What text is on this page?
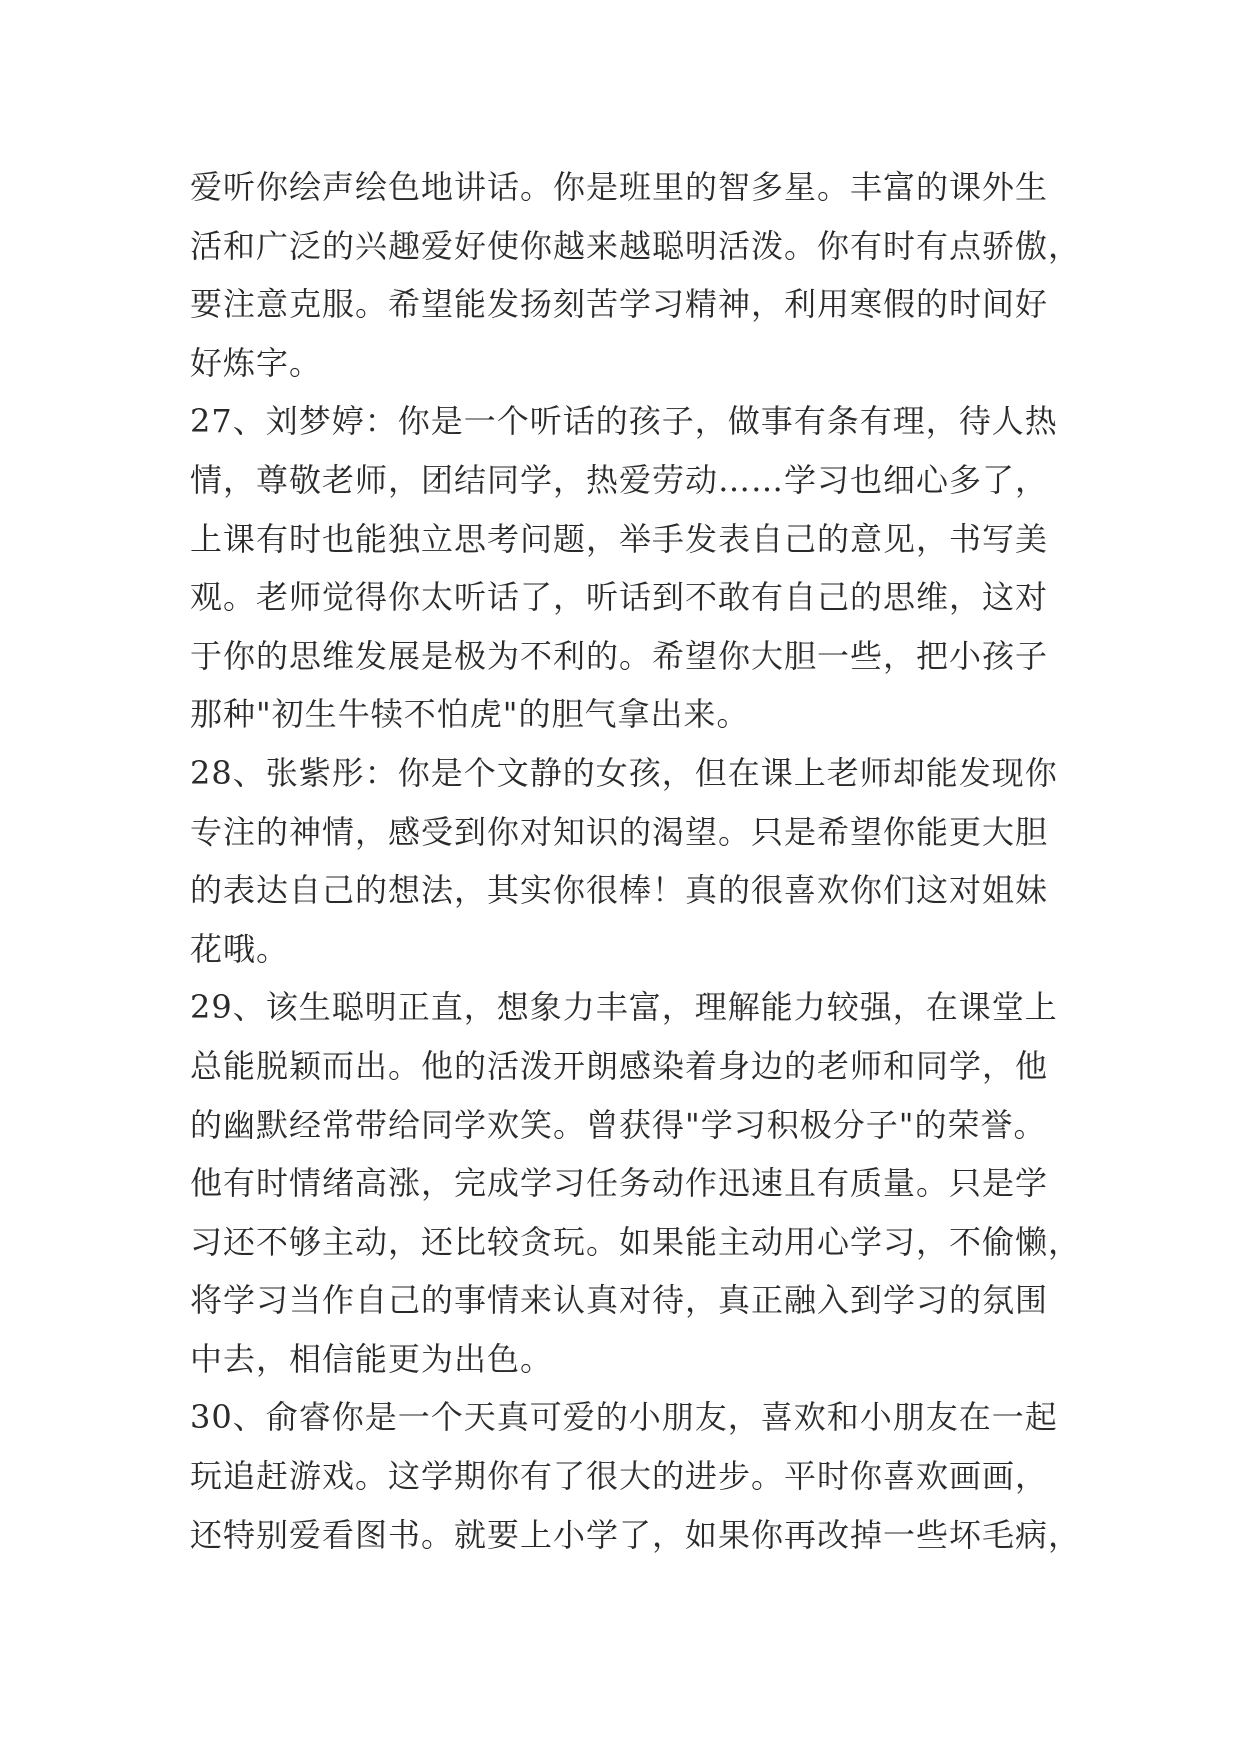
爱听你绘声绘色地讲话。你是班里的智多星。丰富的课外生
活和广泛的兴趣爱好使你越来越聪明活泼。你有时有点骄傲，
要注意克服。希望能发扬刻苦学习精神，利用寒假的时间好
好炼字。
27、刘梦婷：你是一个听话的孩子，做事有条有理，待人热
情，尊敬老师，团结同学，热爱劳动……学习也细心多了，
上课有时也能独立思考问题，举手发表自己的意见，书写美
观。老师觉得你太听话了，听话到不敢有自己的思维，这对
于你的思维发展是极为不利的。希望你大胆一些，把小孩子
那种"初生牛犊不怕虎"的胆气拿出来。
28、张紫彤：你是个文静的女孩，但在课上老师却能发现你
专注的神情，感受到你对知识的渴望。只是希望你能更大胆
的表达自己的想法，其实你很棒！真的很喜欢你们这对姐妹
花哦。
29、该生聪明正直，想象力丰富，理解能力较强，在课堂上
总能脱颖而出。他的活泼开朗感染着身边的老师和同学，他
的幽默经常带给同学欢笑。曾获得"学习积极分子"的荣誉。
他有时情绪高涨，完成学习任务动作迅速且有质量。只是学
习还不够主动，还比较贪玩。如果能主动用心学习，不偷懒，
将学习当作自己的事情来认真对待，真正融入到学习的氛围
中去，相信能更为出色。
30、俞睿你是一个天真可爱的小朋友，喜欢和小朋友在一起
玩追赶游戏。这学期你有了很大的进步。平时你喜欢画画，
还特别爱看图书。就要上小学了，如果你再改掉一些坏毛病，
